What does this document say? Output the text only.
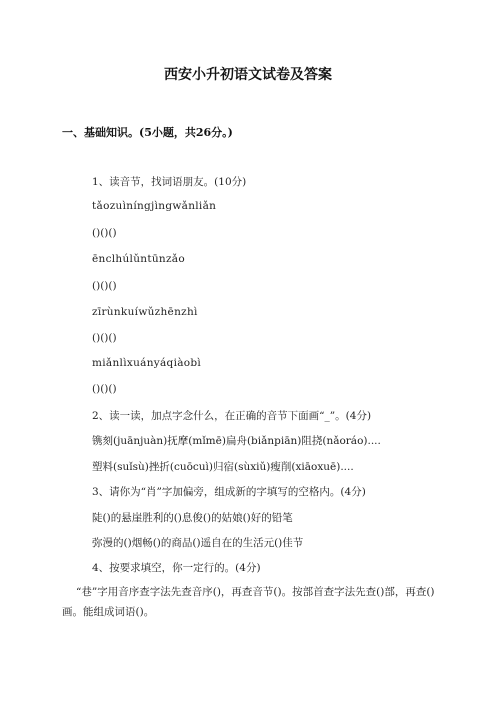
西安小升初语文试卷及答案
一、基础知识。(5小题，共26分。)
1、读音节，找词语朋友。(10分)
tǎozuìníngjìngwǎnliǎn
()()()
ēnclhúlǔntūnzǎo
()()()
zīrùnkuíwǔzhēnzhì
()()()
miǎnlìxuányáqiàobì
()()()
2、读一读，加点字念什么，在正确的音节下面画“_”。(4分)
镌刻(juānjuàn)抚摩(mǐmē)扁舟(biǎnpiān)阻挠(nǎoráo)....
塑料(suǐsù)挫折(cuōcuì)归宿(sùxiǔ)瘦削(xiāoxuē)....
3、请你为“肖”字加偏旁，组成新的字填写的空格内。(4分)
陡()的悬崖胜利的()息俊()的姑娘()好的铅笔
弥漫的()烟畅()的商品()遥自在的生活元()佳节
4、按要求填空，你一定行的。(4分)
“巷”字用音序查字法先查音序()，再查音节()。按部首查字法先查()部，再查()画。能组成词语()。
